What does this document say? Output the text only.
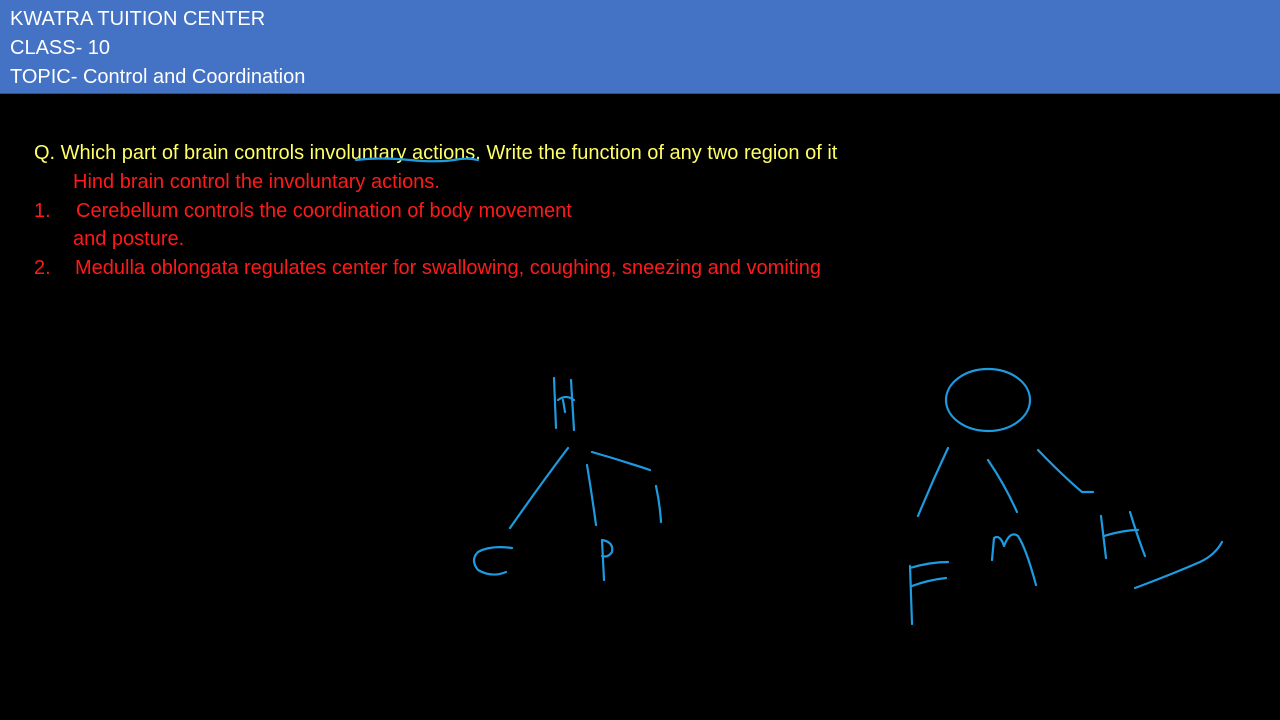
KWATRA TUITION CENTER
CLASS- 10
TOPIC- Control and Coordination
Q. Which part of brain controls involuntary actions. Write the function of any two region of it
Hind brain control the involuntary actions.
1. Cerebellum controls the coordination of body movement
and posture.
2. Medulla oblongata regulates center for swallowing, coughing, sneezing and vomiting
